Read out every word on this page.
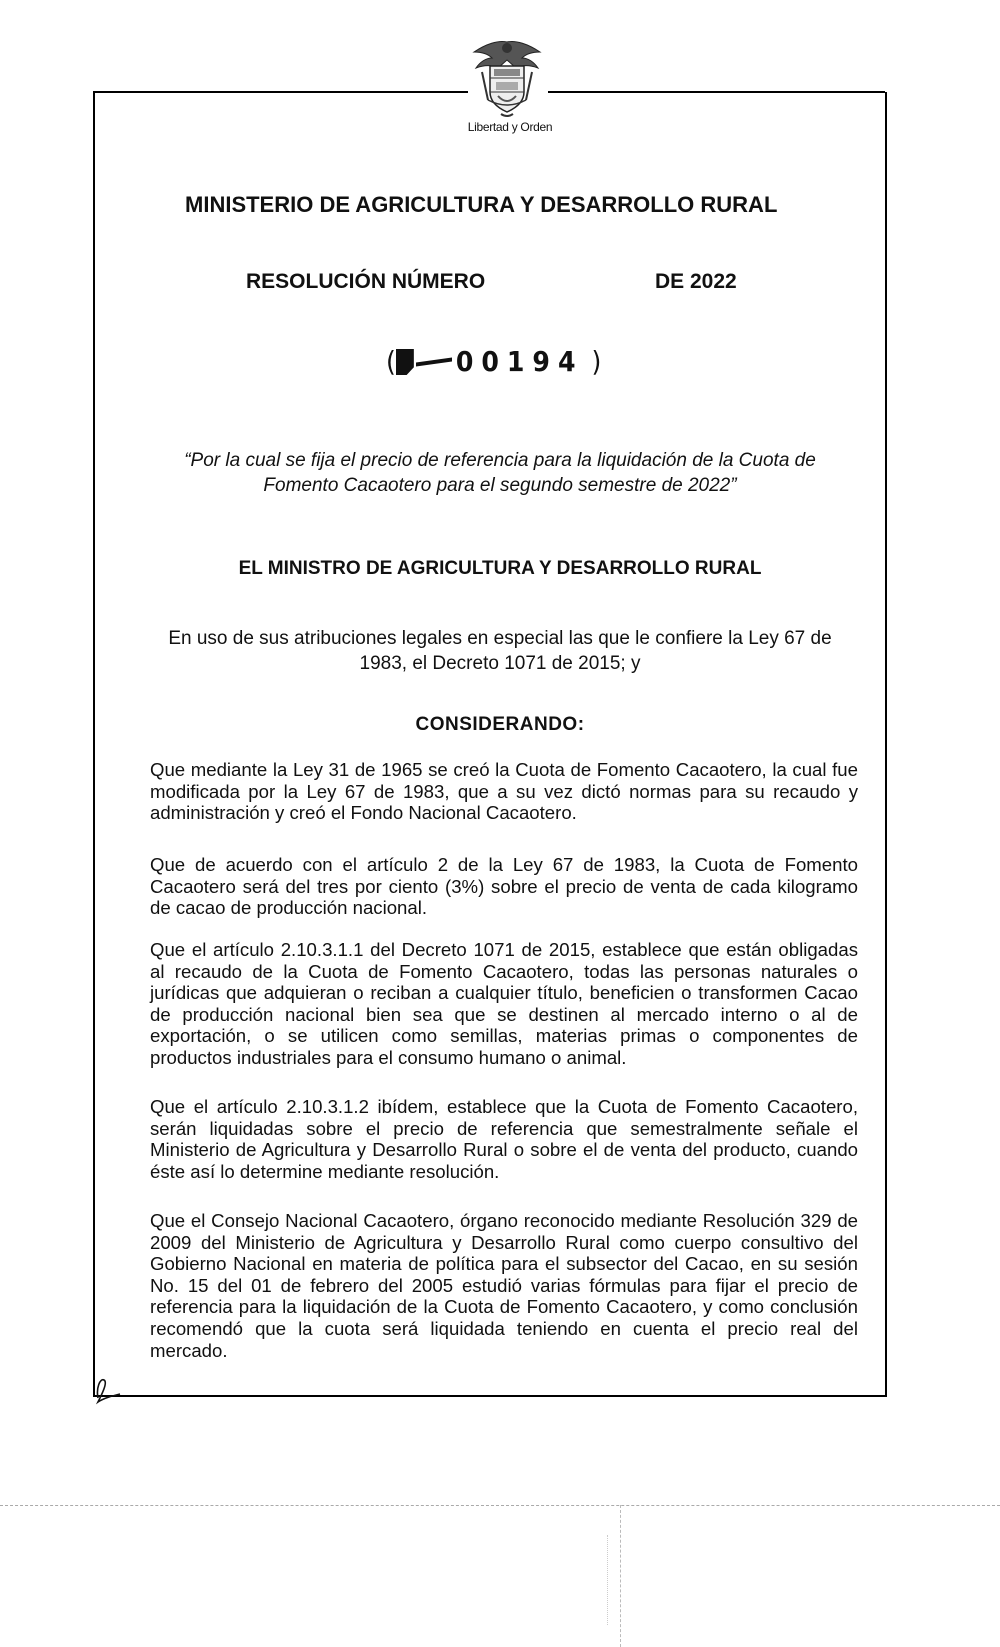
Libertad y Orden
MINISTERIO DE AGRICULTURA Y DESARROLLO RURAL
RESOLUCIÓN NÚMERO	DE 2022
( 00194 )
“Por la cual se fija el precio de referencia para la liquidación de la Cuota de Fomento Cacaotero para el segundo semestre de 2022”
EL MINISTRO DE AGRICULTURA Y DESARROLLO RURAL
En uso de sus atribuciones legales en especial las que le confiere la Ley 67 de 1983, el Decreto 1071 de 2015; y
CONSIDERANDO:

Que mediante la Ley 31 de 1965 se creó la Cuota de Fomento Cacaotero, la cual fue modificada por la Ley 67 de 1983, que a su vez dictó normas para su recaudo y administración y creó el Fondo Nacional Cacaotero.

Que de acuerdo con el artículo 2 de la Ley 67 de 1983, la Cuota de Fomento Cacaotero será del tres por ciento (3%) sobre el precio de venta de cada kilogramo de cacao de producción nacional.

Que el artículo 2.10.3.1.1 del Decreto 1071 de 2015, establece que están obligadas al recaudo de la Cuota de Fomento Cacaotero, todas las personas naturales o jurídicas que adquieran o reciban a cualquier título, beneficien o transformen Cacao de producción nacional bien sea que se destinen al mercado interno o al de exportación, o se utilicen como semillas, materias primas o componentes de productos industriales para el consumo humano o animal.

Que el artículo 2.10.3.1.2 ibídem, establece que la Cuota de Fomento Cacaotero, serán liquidadas sobre el precio de referencia que semestralmente señale el Ministerio de Agricultura y Desarrollo Rural o sobre el de venta del producto, cuando éste así lo determine mediante resolución.

Que el Consejo Nacional Cacaotero, órgano reconocido mediante Resolución 329 de 2009 del Ministerio de Agricultura y Desarrollo Rural como cuerpo consultivo del Gobierno Nacional en materia de política para el subsector del Cacao, en su sesión No. 15 del 01 de febrero del 2005 estudió varias fórmulas para fijar el precio de referencia para la liquidación de la Cuota de Fomento Cacaotero, y como conclusión recomendó que la cuota será liquidada teniendo en cuenta el precio real del mercado.
